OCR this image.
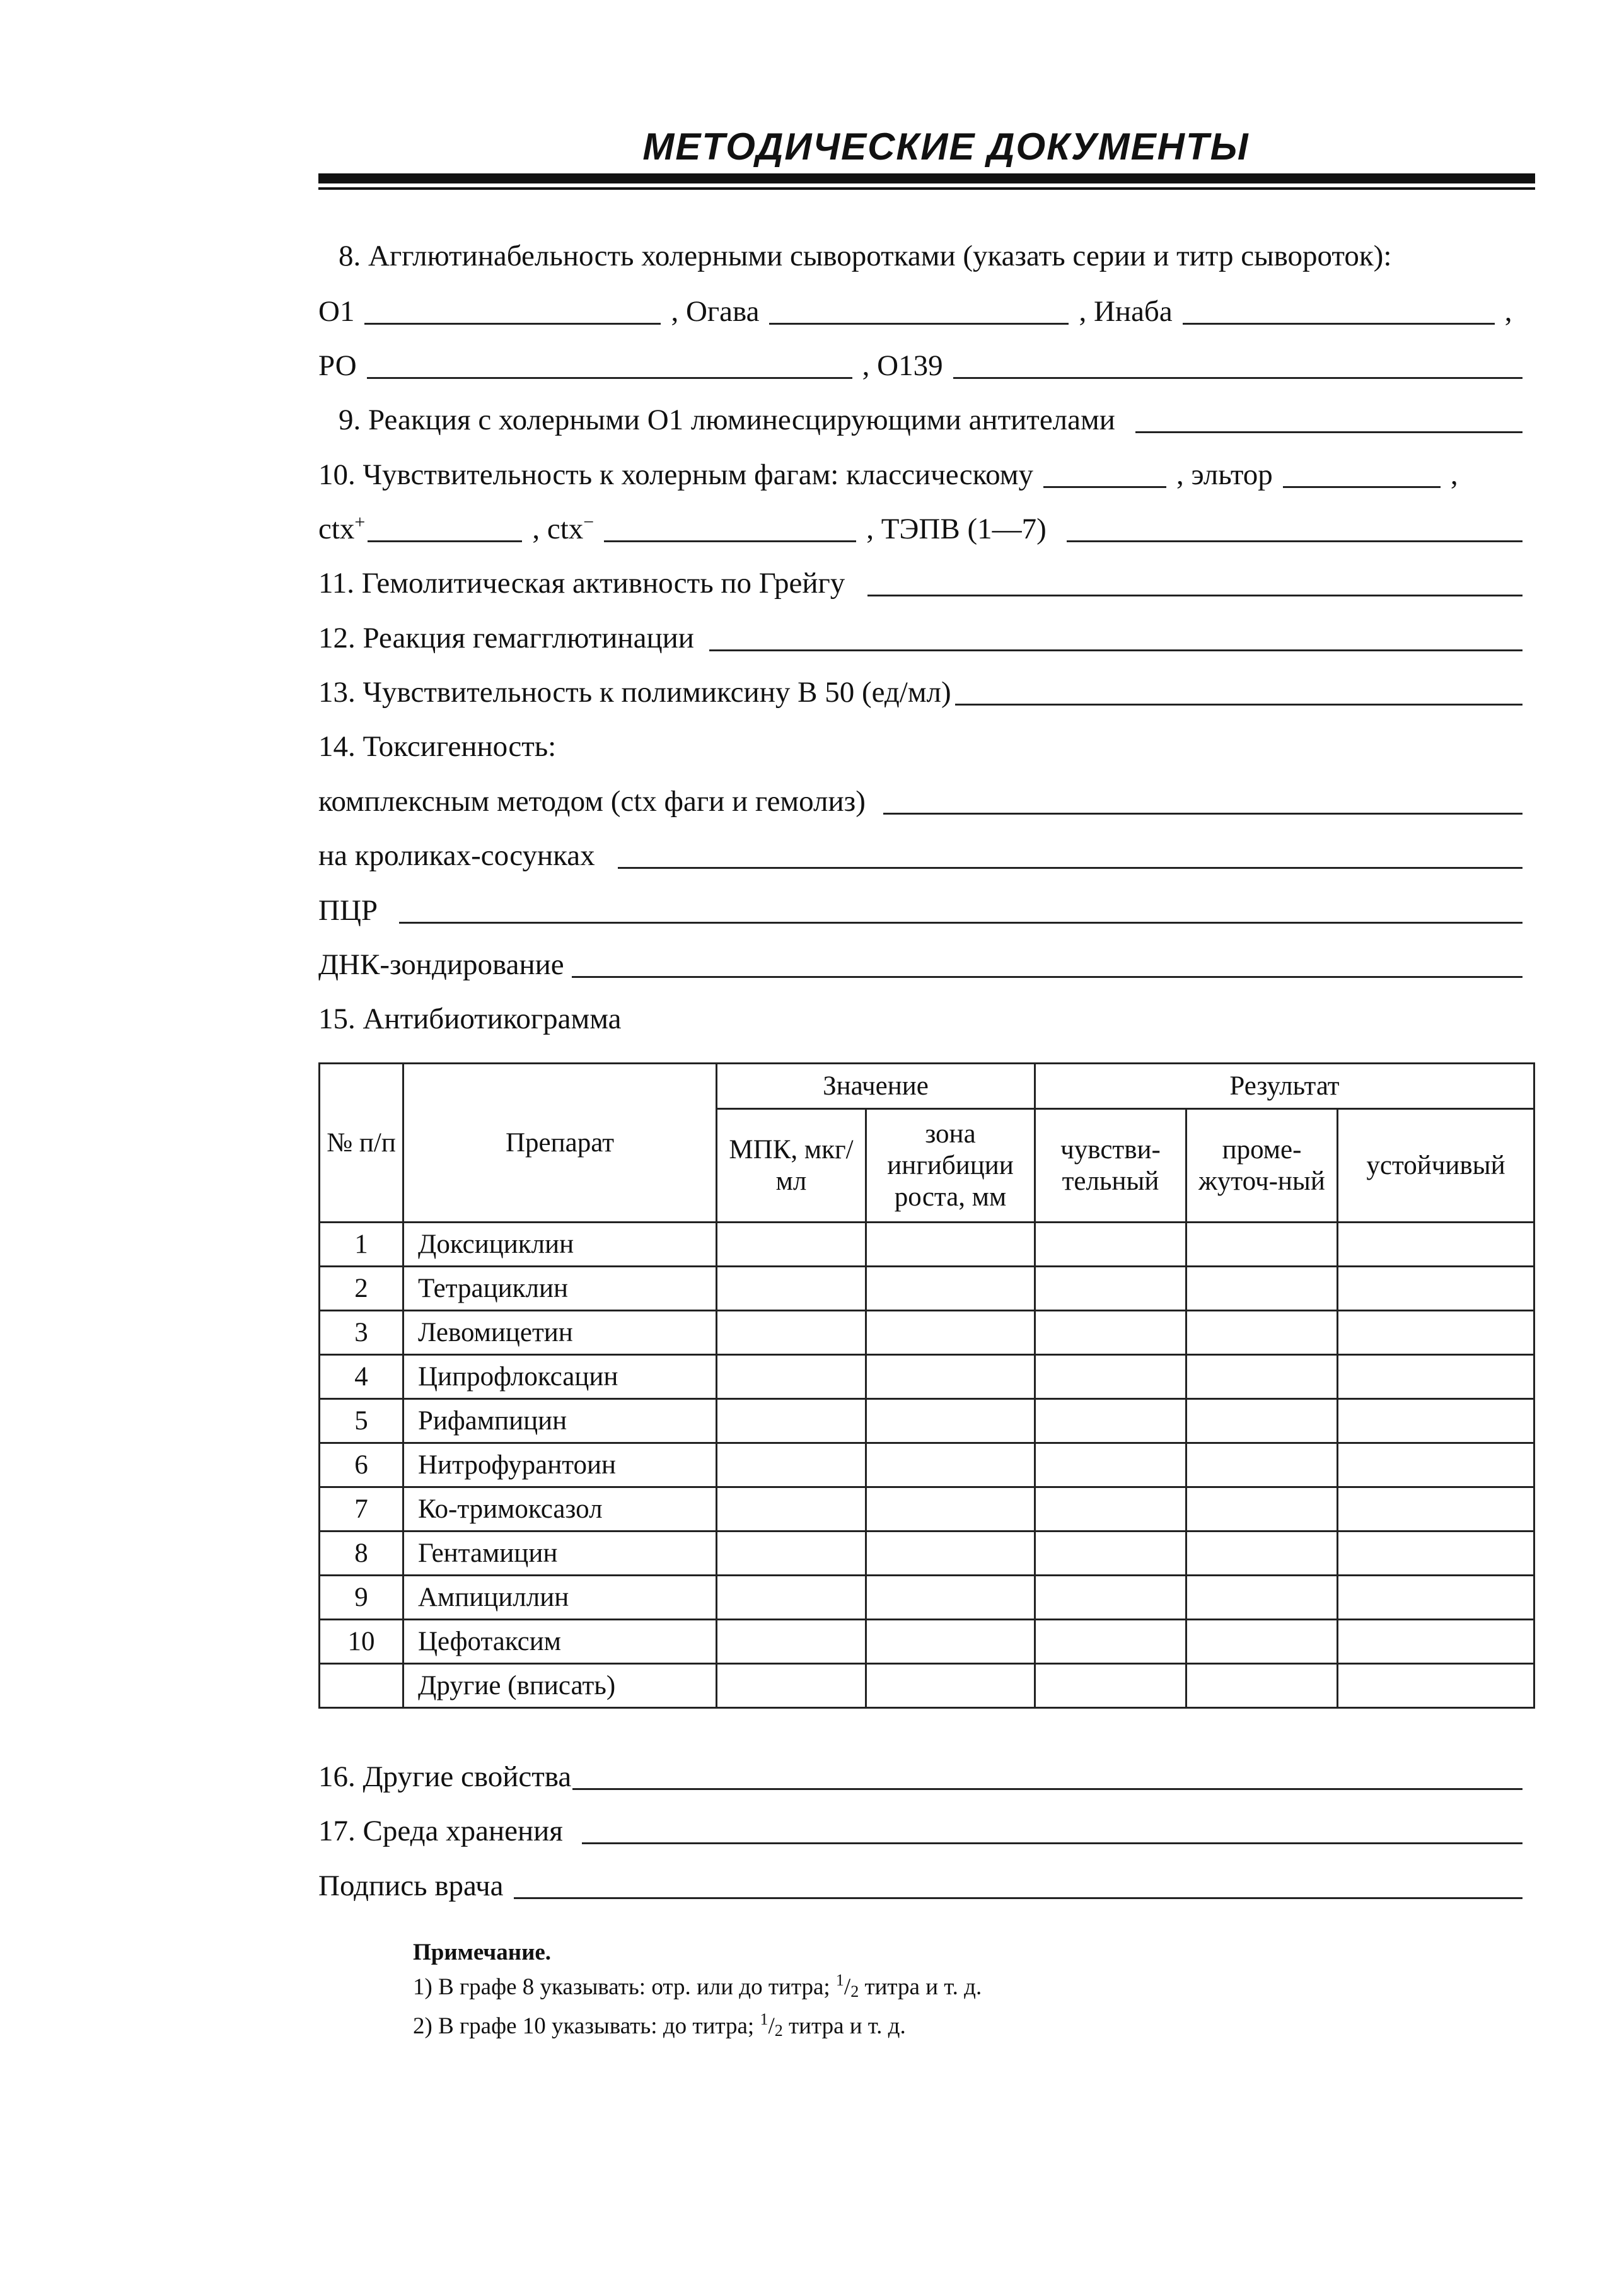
МЕТОДИЧЕСКИЕ ДОКУМЕНТЫ
8. Агглютинабельность холерными сыворотками (указать серии и титр сывороток):
О1	, Огава	, Инаба	,
РО	, О139
9. Реакция с холерными О1 люминесцирующими антителами
10. Чувствительность к холерным фагам: классическому	, эльтор	,
ctx+	, ctx−	, ТЭПВ (1—7)
11. Гемолитическая активность по Грейгу
12. Реакция гемагглютинации
13. Чувствительность к полимиксину В 50 (ед/мл)
14. Токсигенность:
комплексным методом (ctx фаги и гемолиз)
на кроликах-сосунках
ПЦР
ДНК-зондирование
15. Антибиотикограмма
№ п/п	Препарат	Значение		Результат		
		МПК, мкг/мл	зона ингибиции роста, мм	чувстви-тельный	проме-жуточ-ный	устойчивый
1	Доксициклин					
2	Тетрациклин					
3	Левомицетин					
4	Ципрофлоксацин					
5	Рифампицин					
6	Нитрофурантоин					
7	Ко-тримоксазол					
8	Гентамицин					
9	Ампициллин					
10	Цефотаксим					
	Другие (вписать)					
16. Другие свойства
17. Среда хранения
Подпись врача
Примечание.
1) В графе 8 указывать: отр. или до титра; $^1$/2 титра и т. д.
2) В графе 10 указывать: до титра; $^1$/2 титра и т. д.
